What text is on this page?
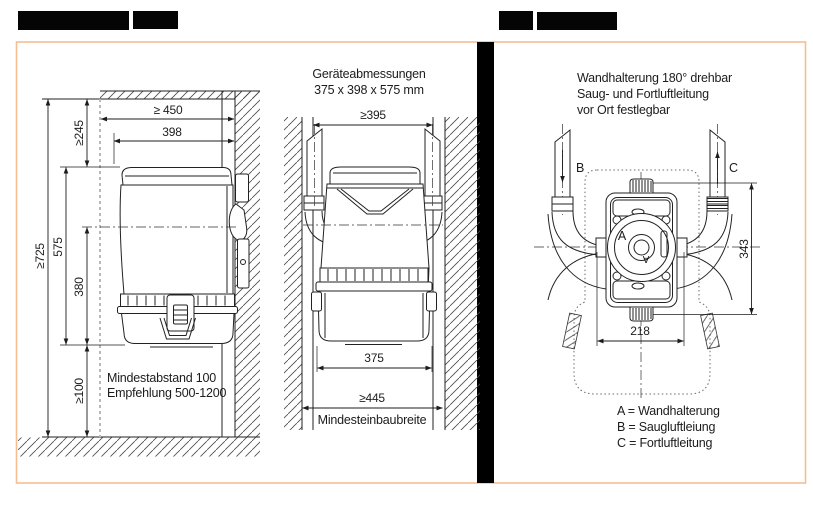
≥ 450
398
≥245
≥725 575
380
≥100
Mindestabstand 100
Empfehlung 500-1200
Geräteabmessungen
375 x 398 x 575 mm
≥395
375
≥445
Mindesteinbaubreite
Wandhalterung 180° drehbar
Saug- und Fortluftleitung
vor Ort festlegbar
B	C
A
A	343
218
A = Wandhalterung
B = Saugluftleiung
C = Fortluftleitung
